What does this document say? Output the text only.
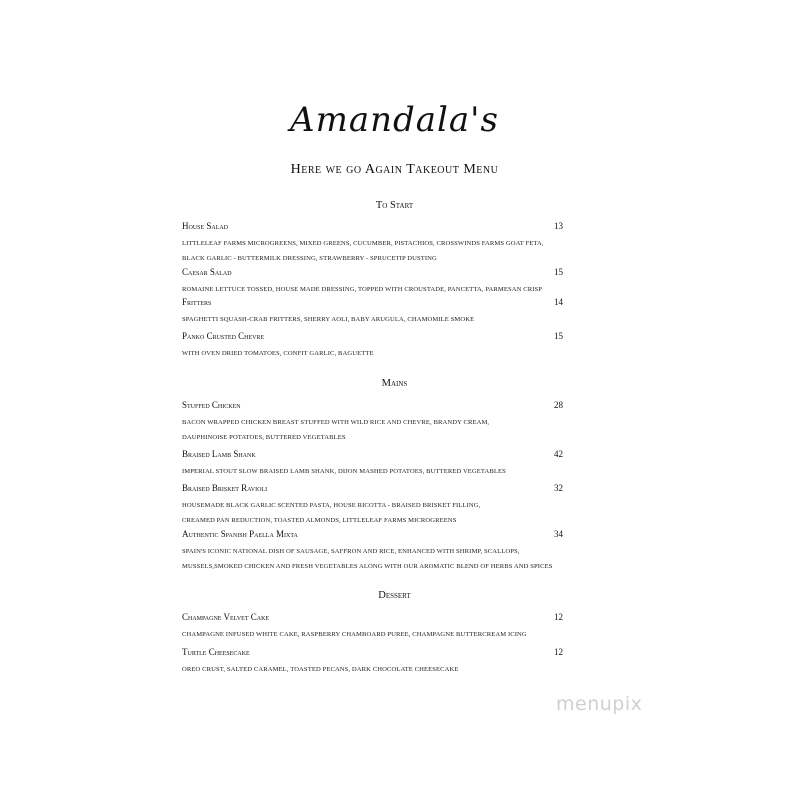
Amandala's
Here we go Again Takeout Menu
To Start
House Salad	13
LITTLELEAF FARMS MICROGREENS, MIXED GREENS, CUCUMBER, PISTACHIOS, CROSSWINDS FARMS GOAT FETA,
BLACK GARLIC - BUTTERMILK DRESSING, STRAWBERRY - SPRUCETIP DUSTING
Caesar Salad	15
ROMAINE LETTUCE TOSSED, HOUSE MADE DRESSING, TOPPED WITH CROUSTADE, PANCETTA, PARMESAN CRISP
Fritters	14
SPAGHETTI SQUASH-CRAB FRITTERS, SHERRY AOLI, BABY ARUGULA, CHAMOMILE SMOKE
Panko Crusted Chevre	15
WITH OVEN DRIED TOMATOES, CONFIT GARLIC, BAGUETTE
Mains
Stuffed Chicken	28
BACON WRAPPED CHICKEN BREAST STUFFED WITH WILD RICE AND CHEVRE, BRANDY CREAM,
DAUPHINOISE POTATOES, BUTTERED VEGETABLES
Braised Lamb Shank	42
IMPERIAL STOUT SLOW BRAISED LAMB SHANK, DIJON MASHED POTATOES, BUTTERED VEGETABLES
Braised Brisket Ravioli	32
HOUSEMADE BLACK GARLIC SCENTED PASTA, HOUSE RICOTTA - BRAISED BRISKET FILLING,
CREAMED PAN REDUCTION, TOASTED ALMONDS, LITTLELEAF FARMS MICROGREENS
Authentic Spanish Paella Mixta	34
SPAIN'S ICONIC NATIONAL DISH OF SAUSAGE, SAFFRON AND RICE, ENHANCED WITH SHRIMP, SCALLOPS,
MUSSELS,SMOKED CHICKEN AND FRESH VEGETABLES ALONG WITH OUR AROMATIC BLEND OF HERBS AND SPICES
Dessert
Champagne Velvet Cake	12
CHAMPAGNE INFUSED WHITE CAKE, RASPBERRY CHAMBOARD PUREE, CHAMPAGNE BUTTERCREAM ICING
Turtle Cheesecake	12
OREO CRUST, SALTED CARAMEL, TOASTED PECANS, DARK CHOCOLATE CHEESECAKE
menupix
